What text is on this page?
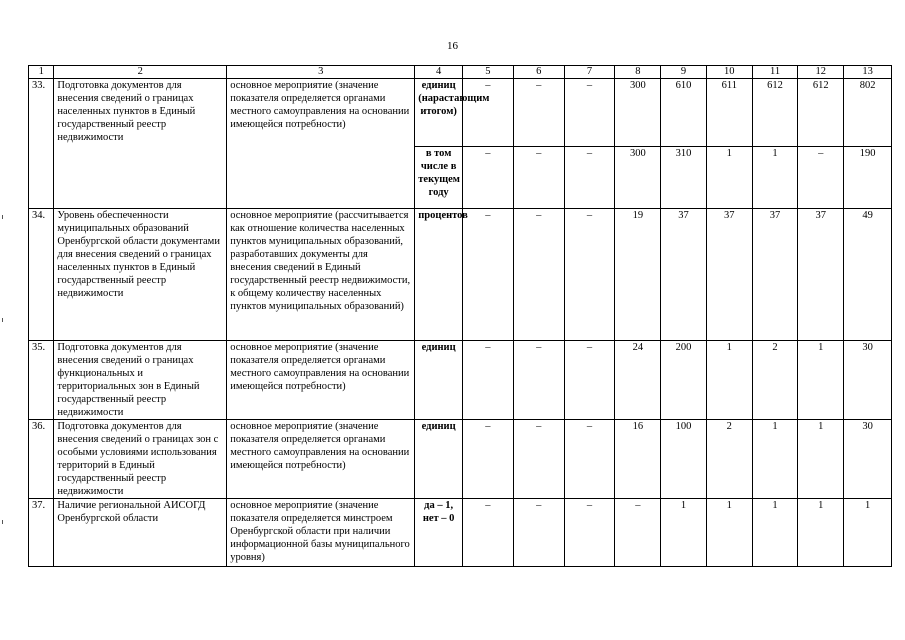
16
1	2	3	4	5	6	7	8	9	10	11	12	13
33.	Подготовка документов для внесения сведений о границах населенных пунктов в Единый государственный реестр недвижимости	основное мероприятие (значение показателя определяется органами местного самоуправления на основании имеющейся потребности)	единиц (нарастающим итогом)	–	–	–	300	610	611	612	612	802
			в том числе в текущем году	–	–	–	300	310	1	1	–	190
34.	Уровень обеспеченности муниципальных образований Оренбургской области документами для внесения сведений о границах населенных пунктов в Единый государственный реестр недвижимости	основное мероприятие (рассчитывается как отношение количества населенных пунктов муниципальных образований, разработавших документы для внесения сведений в Единый государственный реестр недвижимости, к общему количеству населенных пунктов муниципальных образований)	процентов	–	–	–	19	37	37	37	37	49
35.	Подготовка документов для внесения сведений о границах функциональных и территориальных зон в Единый государственный реестр недвижимости	основное мероприятие (значение показателя определяется органами местного самоуправления на основании имеющейся потребности)	единиц	–	–	–	24	200	1	2	1	30
36.	Подготовка документов для внесения сведений о границах зон с особыми условиями использования территорий в Единый государственный реестр недвижимости	основное мероприятие (значение показателя определяется органами местного самоуправления на основании имеющейся потребности)	единиц	–	–	–	16	100	2	1	1	30
37.	Наличие региональной АИСОГД Оренбургской области	основное мероприятие (значение показателя определяется минстроем Оренбургской области при наличии информационной базы муниципального уровня)	да – 1, нет – 0	–	–	–	–	1	1	1	1	1
